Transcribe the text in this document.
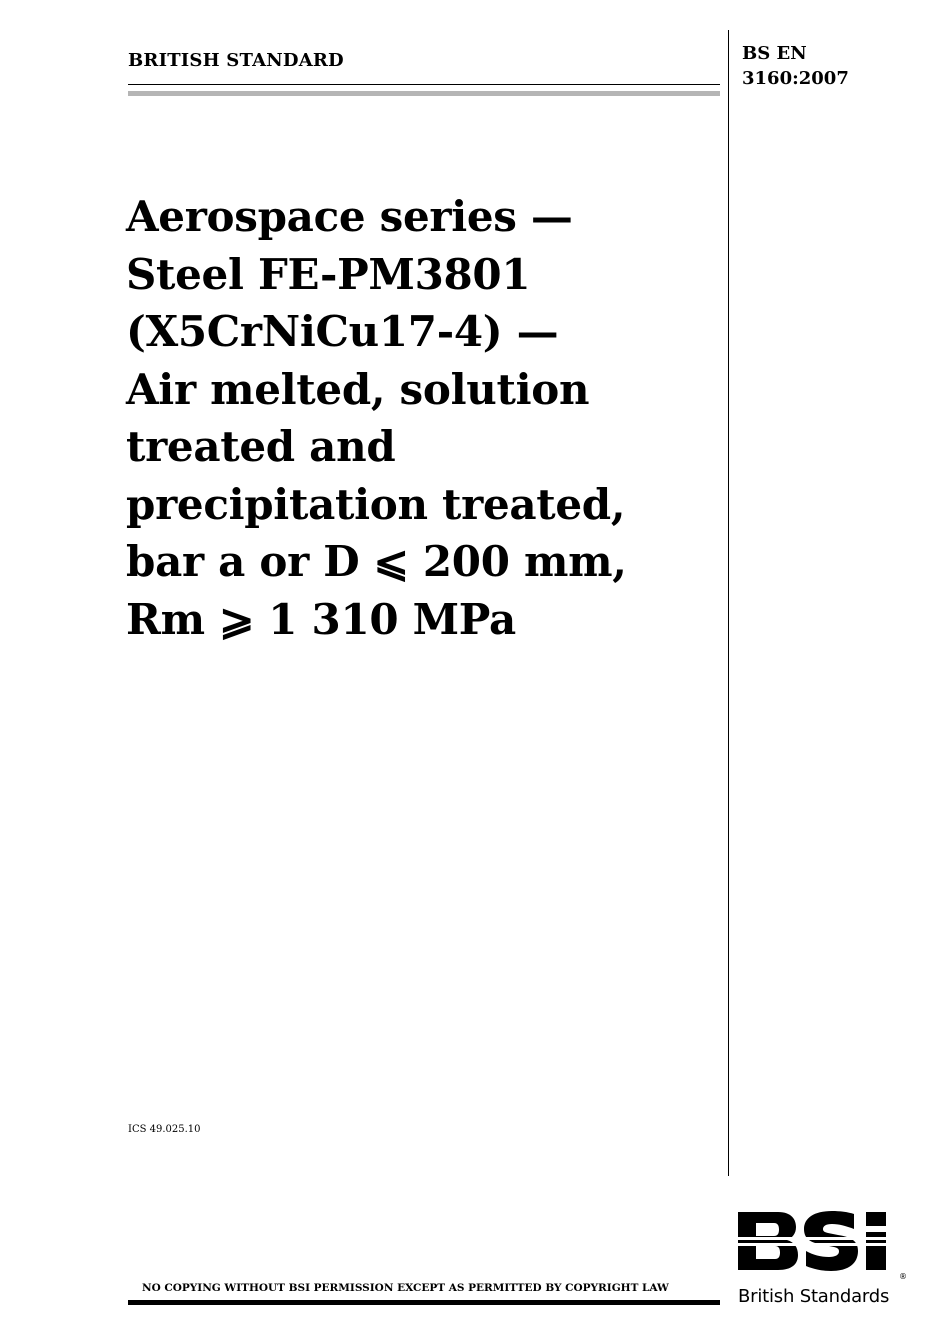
BRITISH STANDARD	BS EN
3160:2007
Aerospace series —
Steel FE-PM3801
(X5CrNiCu17-4) —
Air melted, solution
treated and
precipitation treated,
bar a or D ⩽ 200 mm,
Rm ⩾ 1 310 MPa
ICS 49.025.10
NO COPYING WITHOUT BSI PERMISSION EXCEPT AS PERMITTED BY COPYRIGHT LAW
®
British Standards
